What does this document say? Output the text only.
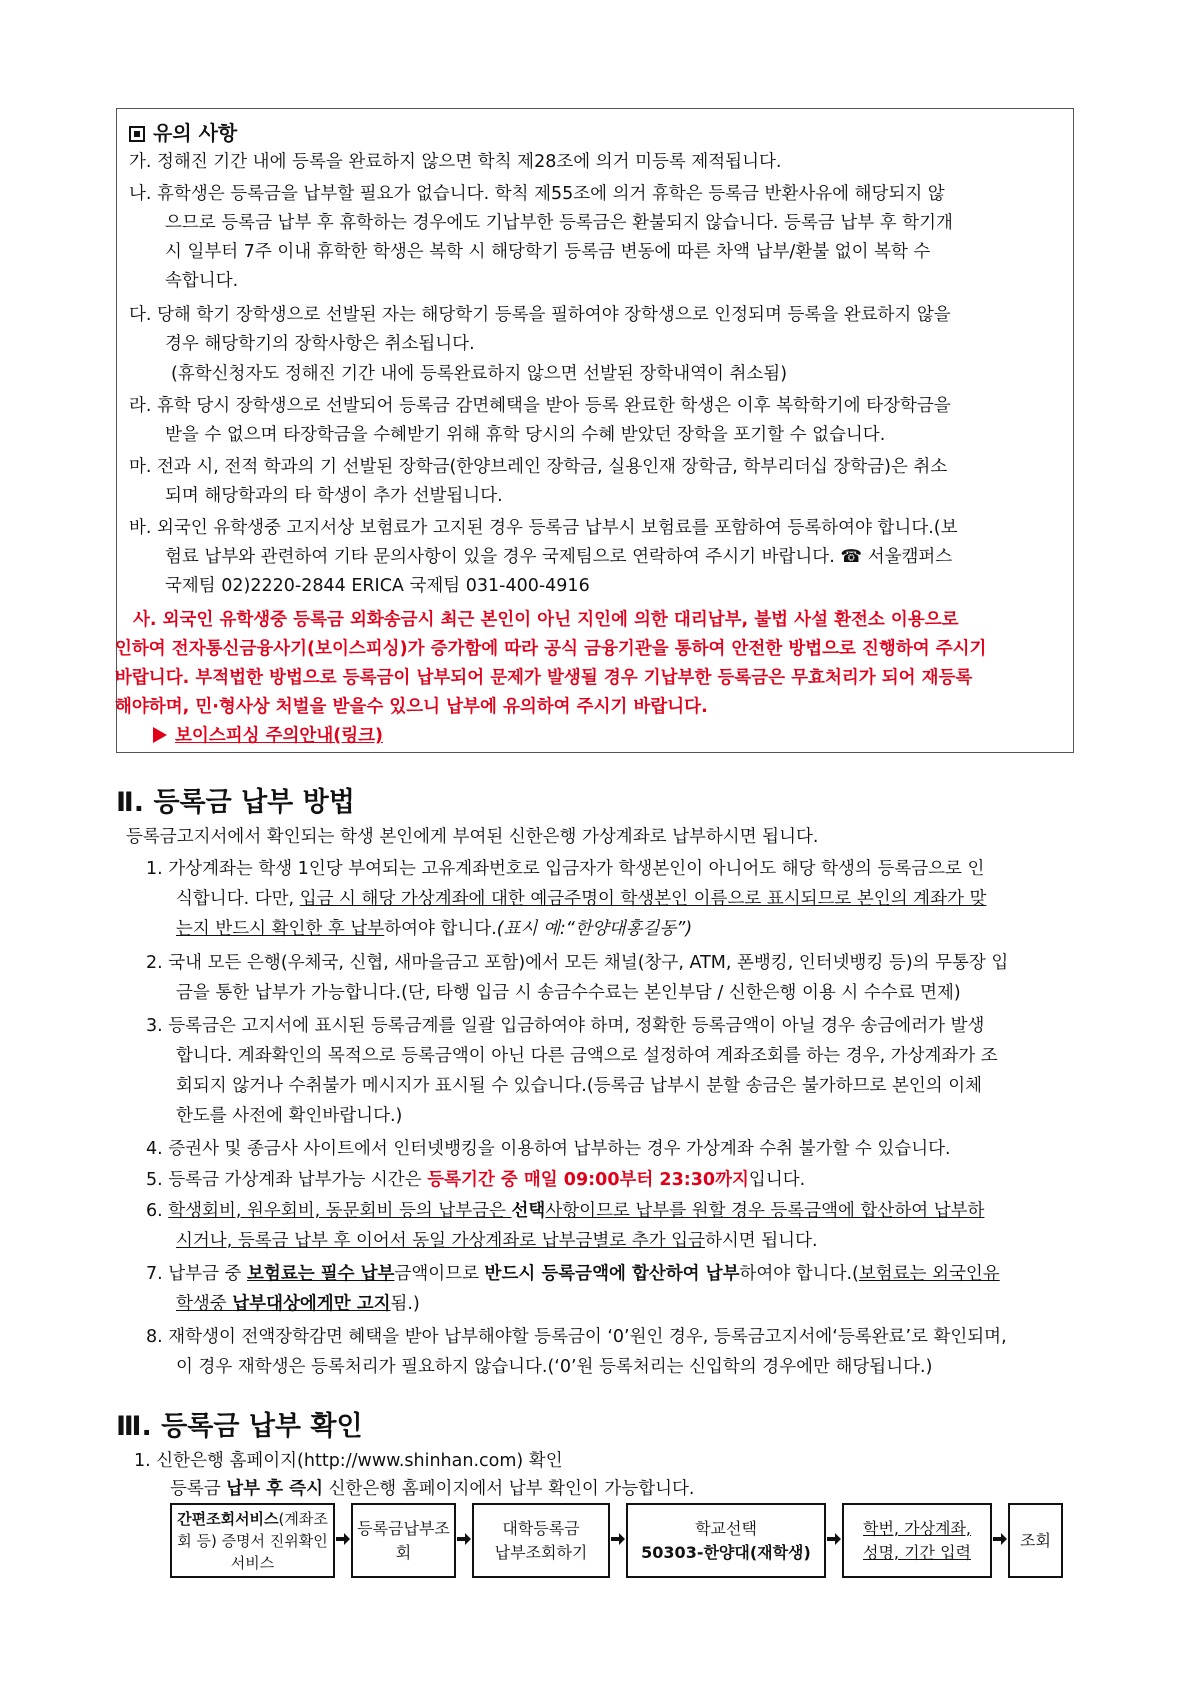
유의 사항
가. 정해진 기간 내에 등록을 완료하지 않으면 학칙 제28조에 의거 미등록 제적됩니다.
나. 휴학생은 등록금을 납부할 필요가 없습니다. 학칙 제55조에 의거 휴학은 등록금 반환사유에 해당되지 않
으므로 등록금 납부 후 휴학하는 경우에도 기납부한 등록금은 환불되지 않습니다. 등록금 납부 후 학기개
시 일부터 7주 이내 휴학한 학생은 복학 시 해당학기 등록금 변동에 따른 차액 납부/환불 없이 복학 수
속합니다.
다. 당해 학기 장학생으로 선발된 자는 해당학기 등록을 필하여야 장학생으로 인정되며 등록을 완료하지 않을
경우 해당학기의 장학사항은 취소됩니다.
(휴학신청자도 정해진 기간 내에 등록완료하지 않으면 선발된 장학내역이 취소됨)
라. 휴학 당시 장학생으로 선발되어 등록금 감면혜택을 받아 등록 완료한 학생은 이후 복학학기에 타장학금을
받을 수 없으며 타장학금을 수혜받기 위해 휴학 당시의 수혜 받았던 장학을 포기할 수 없습니다.
마. 전과 시, 전적 학과의 기 선발된 장학금(한양브레인 장학금, 실용인재 장학금, 학부리더십 장학금)은 취소
되며 해당학과의 타 학생이 추가 선발됩니다.
바. 외국인 유학생중 고지서상 보험료가 고지된 경우 등록금 납부시 보험료를 포함하여 등록하여야 합니다.(보
험료 납부와 관련하여 기타 문의사항이 있을 경우 국제팀으로 연락하여 주시기 바랍니다. ☎ 서울캠퍼스
국제팀 02)2220-2844 ERICA 국제팀 031-400-4916
사. 외국인 유학생중 등록금 외화송금시 최근 본인이 아닌 지인에 의한 대리납부, 불법 사설 환전소 이용으로
인하여 전자통신금융사기(보이스피싱)가 증가함에 따라 공식 금융기관을 통하여 안전한 방법으로 진행하여 주시기
바랍니다. 부적법한 방법으로 등록금이 납부되어 문제가 발생될 경우 기납부한 등록금은 무효처리가 되어 재등록
해야하며, 민·형사상 처벌을 받을수 있으니 납부에 유의하여 주시기 바랍니다.
보이스피싱 주의안내(링크)
Ⅱ. 등록금 납부 방법
등록금고지서에서 확인되는 학생 본인에게 부여된 신한은행 가상계좌로 납부하시면 됩니다.
1. 가상계좌는 학생 1인당 부여되는 고유계좌번호로 입금자가 학생본인이 아니어도 해당 학생의 등록금으로 인
식합니다. 다만, 입금 시 해당 가상계좌에 대한 예금주명이 학생본인 이름으로 표시되므로 본인의 계좌가 맞
는지 반드시 확인한 후 납부하여야 합니다.(표시 예:“한양대홍길동”)
2. 국내 모든 은행(우체국, 신협, 새마을금고 포함)에서 모든 채널(창구, ATM, 폰뱅킹, 인터넷뱅킹 등)의 무통장 입
금을 통한 납부가 가능합니다.(단, 타행 입금 시 송금수수료는 본인부담 / 신한은행 이용 시 수수료 면제)
3. 등록금은 고지서에 표시된 등록금계를 일괄 입금하여야 하며, 정확한 등록금액이 아닐 경우 송금에러가 발생
합니다. 계좌확인의 목적으로 등록금액이 아닌 다른 금액으로 설정하여 계좌조회를 하는 경우, 가상계좌가 조
회되지 않거나 수취불가 메시지가 표시될 수 있습니다.(등록금 납부시 분할 송금은 불가하므로 본인의 이체
한도를 사전에 확인바랍니다.)
4. 증권사 및 종금사 사이트에서 인터넷뱅킹을 이용하여 납부하는 경우 가상계좌 수취 불가할 수 있습니다.
5. 등록금 가상계좌 납부가능 시간은 등록기간 중 매일 09:00부터 23:30까지입니다.
6. 학생회비, 원우회비, 동문회비 등의 납부금은 선택사항이므로 납부를 원할 경우 등록금액에 합산하여 납부하
시거나, 등록금 납부 후 이어서 동일 가상계좌로 납부금별로 추가 입금하시면 됩니다.
7. 납부금 중 보험료는 필수 납부금액이므로 반드시 등록금액에 합산하여 납부하여야 합니다.(보험료는 외국인유
학생중 납부대상에게만 고지됨.)
8. 재학생이 전액장학감면 혜택을 받아 납부해야할 등록금이 ‘0’원인 경우, 등록금고지서에‘등록완료’로 확인되며,
이 경우 재학생은 등록처리가 필요하지 않습니다.(‘0’원 등록처리는 신입학의 경우에만 해당됩니다.)
Ⅲ. 등록금 납부 확인
1. 신한은행 홈페이지(http://www.shinhan.com) 확인
등록금 납부 후 즉시 신한은행 홈페이지에서 납부 확인이 가능합니다.
간편조회서비스(계좌조회 등) 증명서 진위확인 서비스
등록금납부조회
대학등록금
납부조회하기
학교선택
50303-한양대(재학생)
학번, 가상계좌,
성명, 기간 입력
조회
